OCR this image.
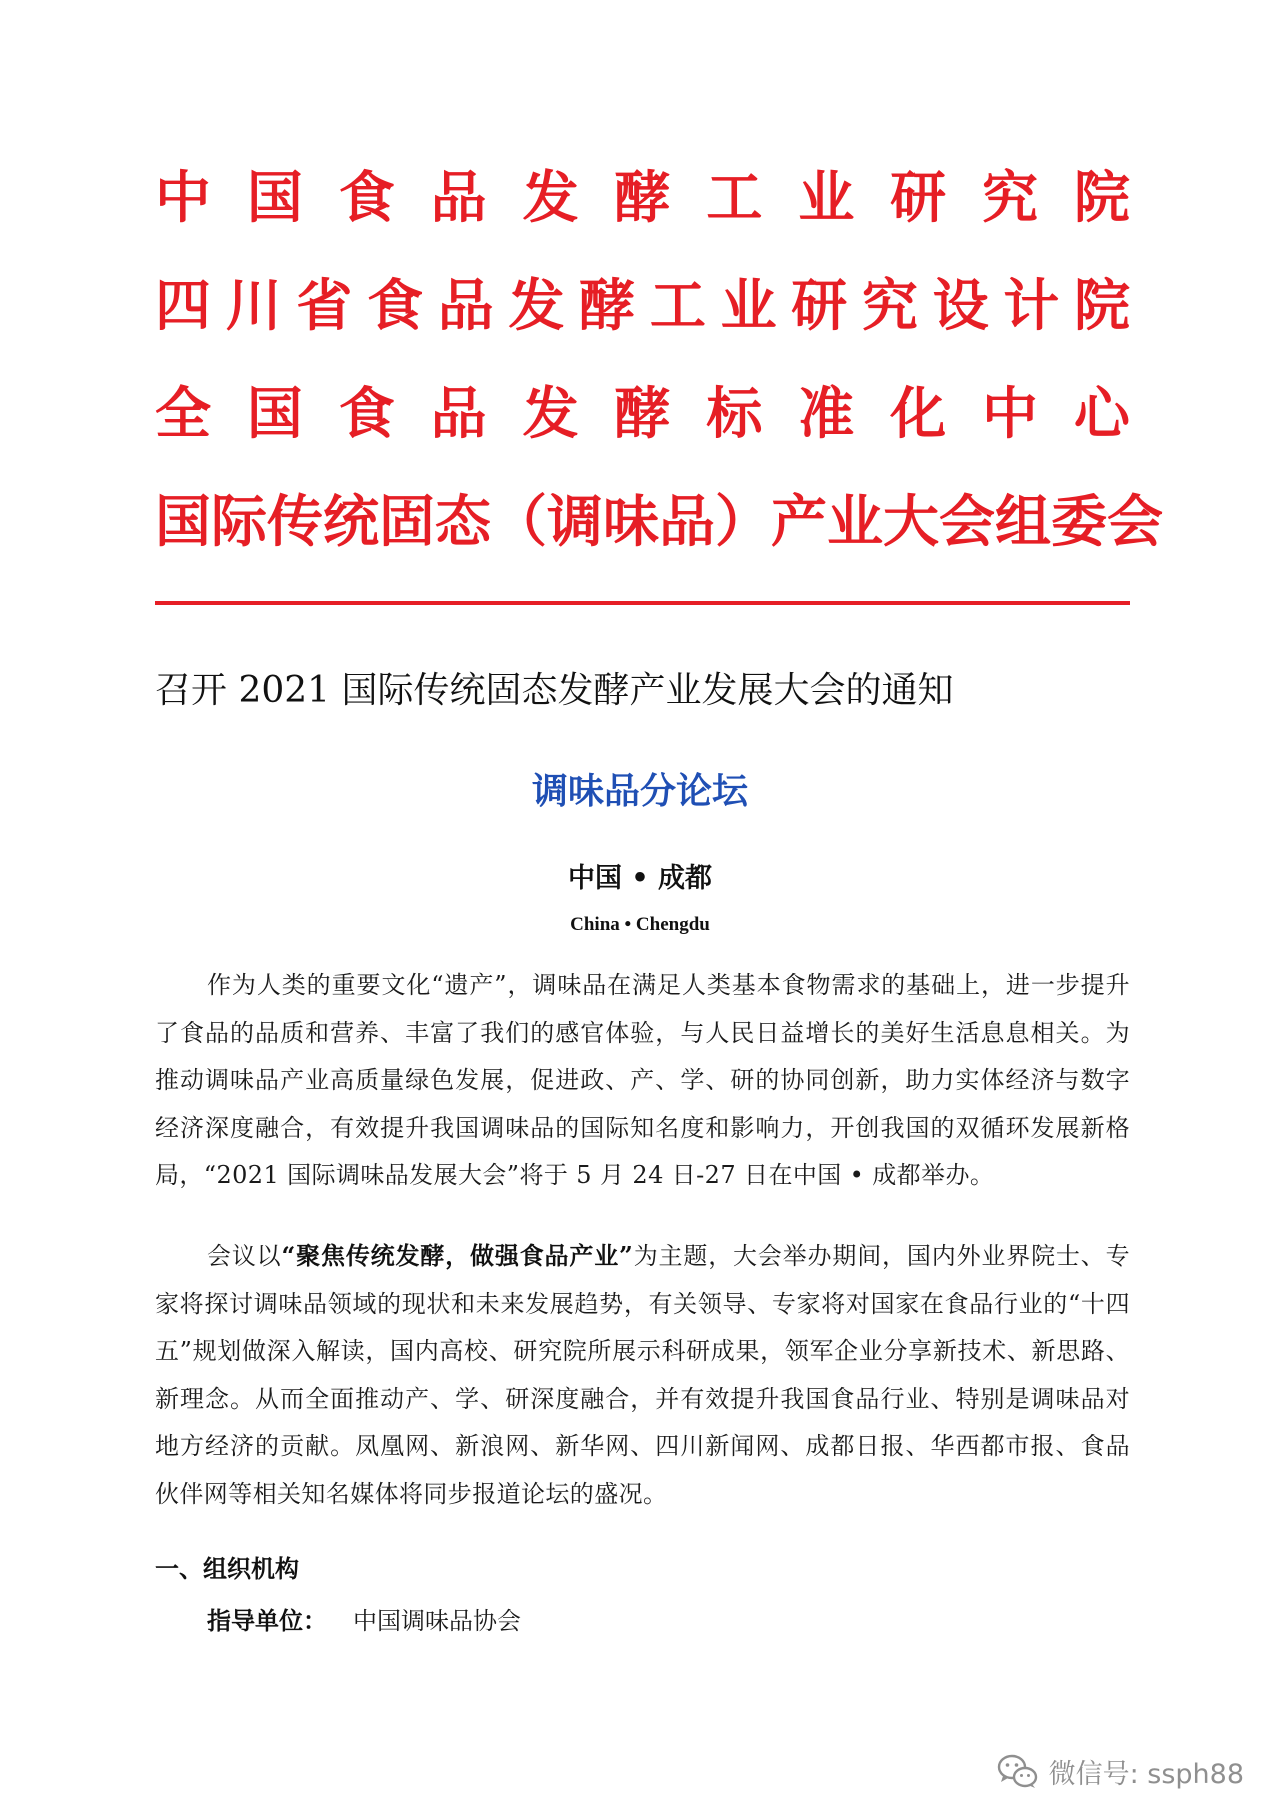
中 国 食 品 发 酵 工 业 研 究 院
四 川 省 食 品 发 酵 工 业 研 究 设 计 院
全 国 食 品 发 酵 标 准 化 中 心
国 际 传 统 固 态 （ 调 味 品 ） 产 业 大 会 组 委 会
召开 2021 国际传统固态发酵产业发展大会的通知
调味品分论坛
中国 • 成都
China • Chengdu
作为人类的重要文化“遗产”，调味品在满足人类基本食物需求的基础上，进一步提升了食品的品质和营养、丰富了我们的感官体验，与人民日益增长的美好生活息息相关。为推动调味品产业高质量绿色发展，促进政、产、学、研的协同创新，助力实体经济与数字经济深度融合，有效提升我国调味品的国际知名度和影响力，开创我国的双循环发展新格局，“2021 国际调味品发展大会”将于 5 月 24 日-27 日在中国 • 成都举办。
会议以“聚焦传统发酵，做强食品产业”为主题，大会举办期间，国内外业界院士、专家将探讨调味品领域的现状和未来发展趋势，有关领导、专家将对国家在食品行业的“十四五”规划做深入解读，国内高校、研究院所展示科研成果，领军企业分享新技术、新思路、新理念。从而全面推动产、学、研深度融合，并有效提升我国食品行业、特别是调味品对地方经济的贡献。凤凰网、新浪网、新华网、四川新闻网、成都日报、华西都市报、食品伙伴网等相关知名媒体将同步报道论坛的盛况。
一、组织机构
指导单位： 中国调味品协会
微信号: ssph88
